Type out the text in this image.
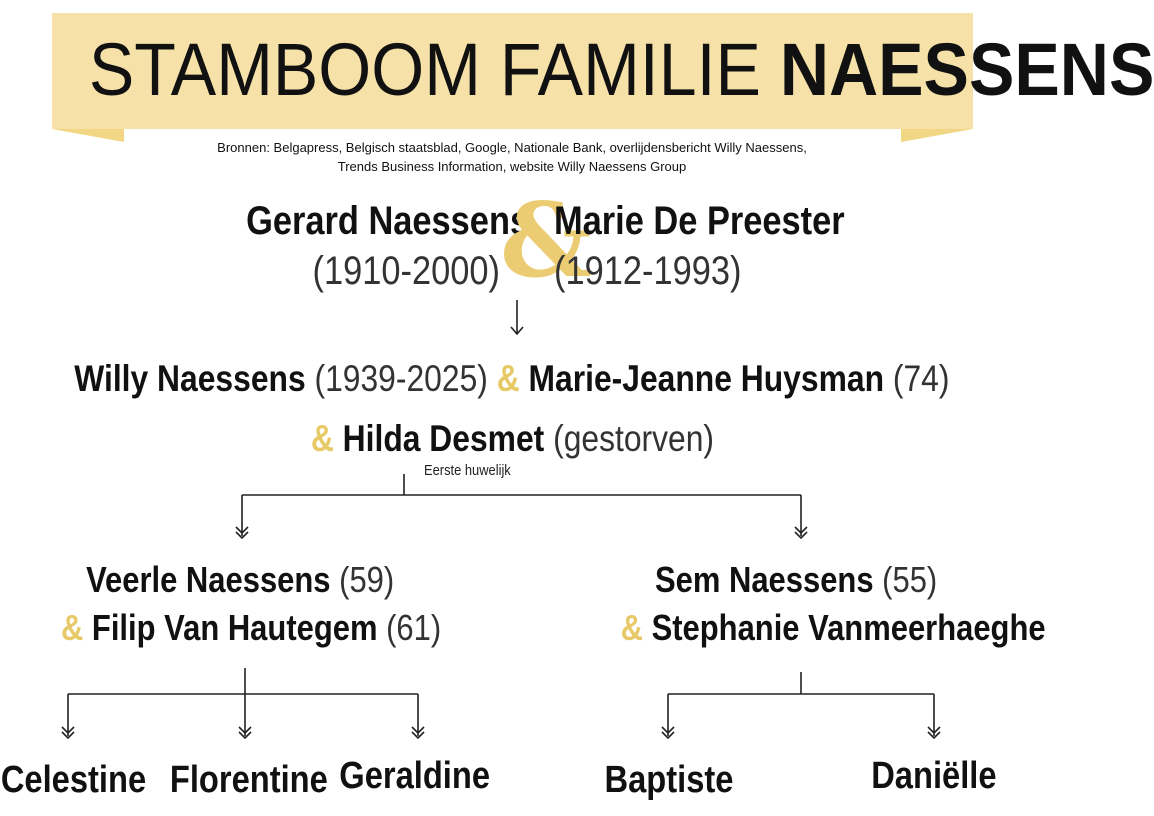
STAMBOOM FAMILIE NAESSENS
Bronnen: Belgapress, Belgisch staatsblad, Google, Nationale Bank, overlijdensbericht Willy Naessens,
Trends Business Information, website Willy Naessens Group
Gerard Naessens
(1910-2000) &
Marie De Preester
(1912-1993)
Willy Naessens (1939-2025) & Marie-Jeanne Huysman (74)
& Hilda Desmet (gestorven)
Eerste huwelijk
Veerle Naessens (59)
& Filip Van Hautegem (61)
Sem Naessens (55)
& Stephanie Vanmeerhaeghe
Celestine Florentine Geraldine	Baptiste	Daniëlle
